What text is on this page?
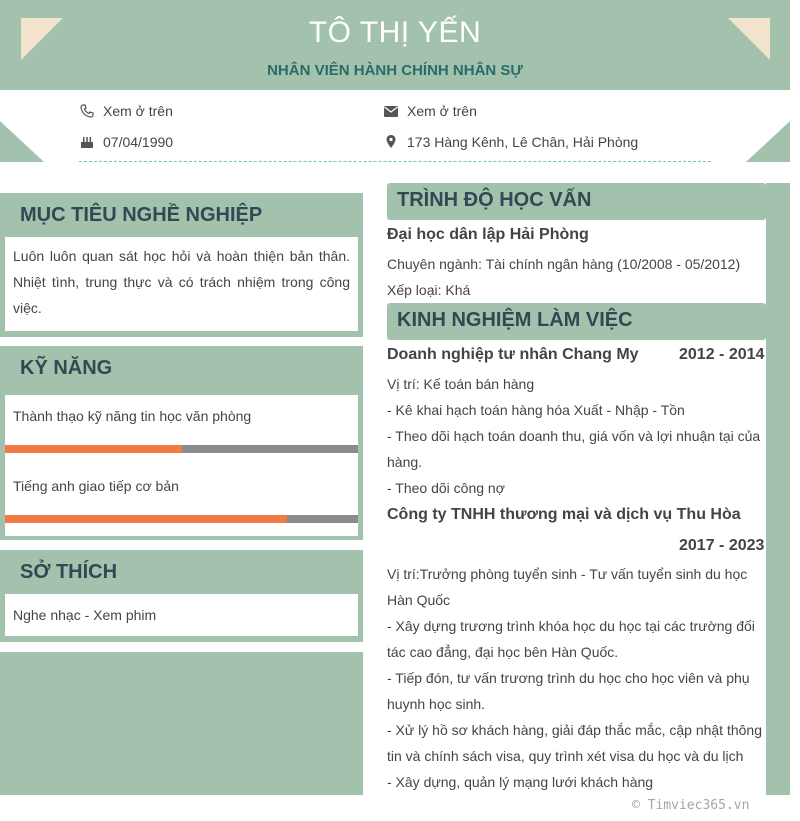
TÔ THỊ YẾN
NHÂN VIÊN HÀNH CHÍNH NHÂN SỰ
Xem ở trên	Xem ở trên
07/04/1990	173 Hàng Kênh, Lê Chân, Hải Phòng
MỤC TIÊU NGHỀ NGHIỆP
Luôn luôn quan sát học hỏi và hoàn thiện bản thân. Nhiệt tình, trung thực và có trách nhiệm trong công việc.
KỸ NĂNG
Thành thạo kỹ năng tin học văn phòng
Tiếng anh giao tiếp cơ bản
SỞ THÍCH
Nghe nhạc - Xem phim
TRÌNH ĐỘ HỌC VẤN
Đại học dân lập Hải Phòng
Chuyên ngành: Tài chính ngân hàng (10/2008 - 05/2012)
Xếp loại: Khá
KINH NGHIỆM LÀM VIỆC
Doanh nghiệp tư nhân Chang My	2012 - 2014
Vị trí: Kế toán bán hàng
- Kê khai hạch toán hàng hóa Xuất - Nhập - Tồn
- Theo dõi hạch toán doanh thu, giá vốn và lợi nhuận tại của hàng.
- Theo dõi công nợ
Công ty TNHH thương mại và dịch vụ Thu Hòa
2017 - 2023
Vị trí:Trưởng phòng tuyển sinh - Tư vấn tuyển sinh du học Hàn Quốc
- Xây dựng trương trình khóa học du học tại các trường đối tác cao đẳng, đại học bên Hàn Quốc.
- Tiếp đón, tư vấn trương trình du học cho học viên và phụ huynh học sinh.
- Xử lý hồ sơ khách hàng, giải đáp thắc mắc, cập nhật thông tin và chính sách visa, quy trình xét visa du học và du lịch
- Xây dựng, quản lý mạng lưới khách hàng
© Timviec365.vn
